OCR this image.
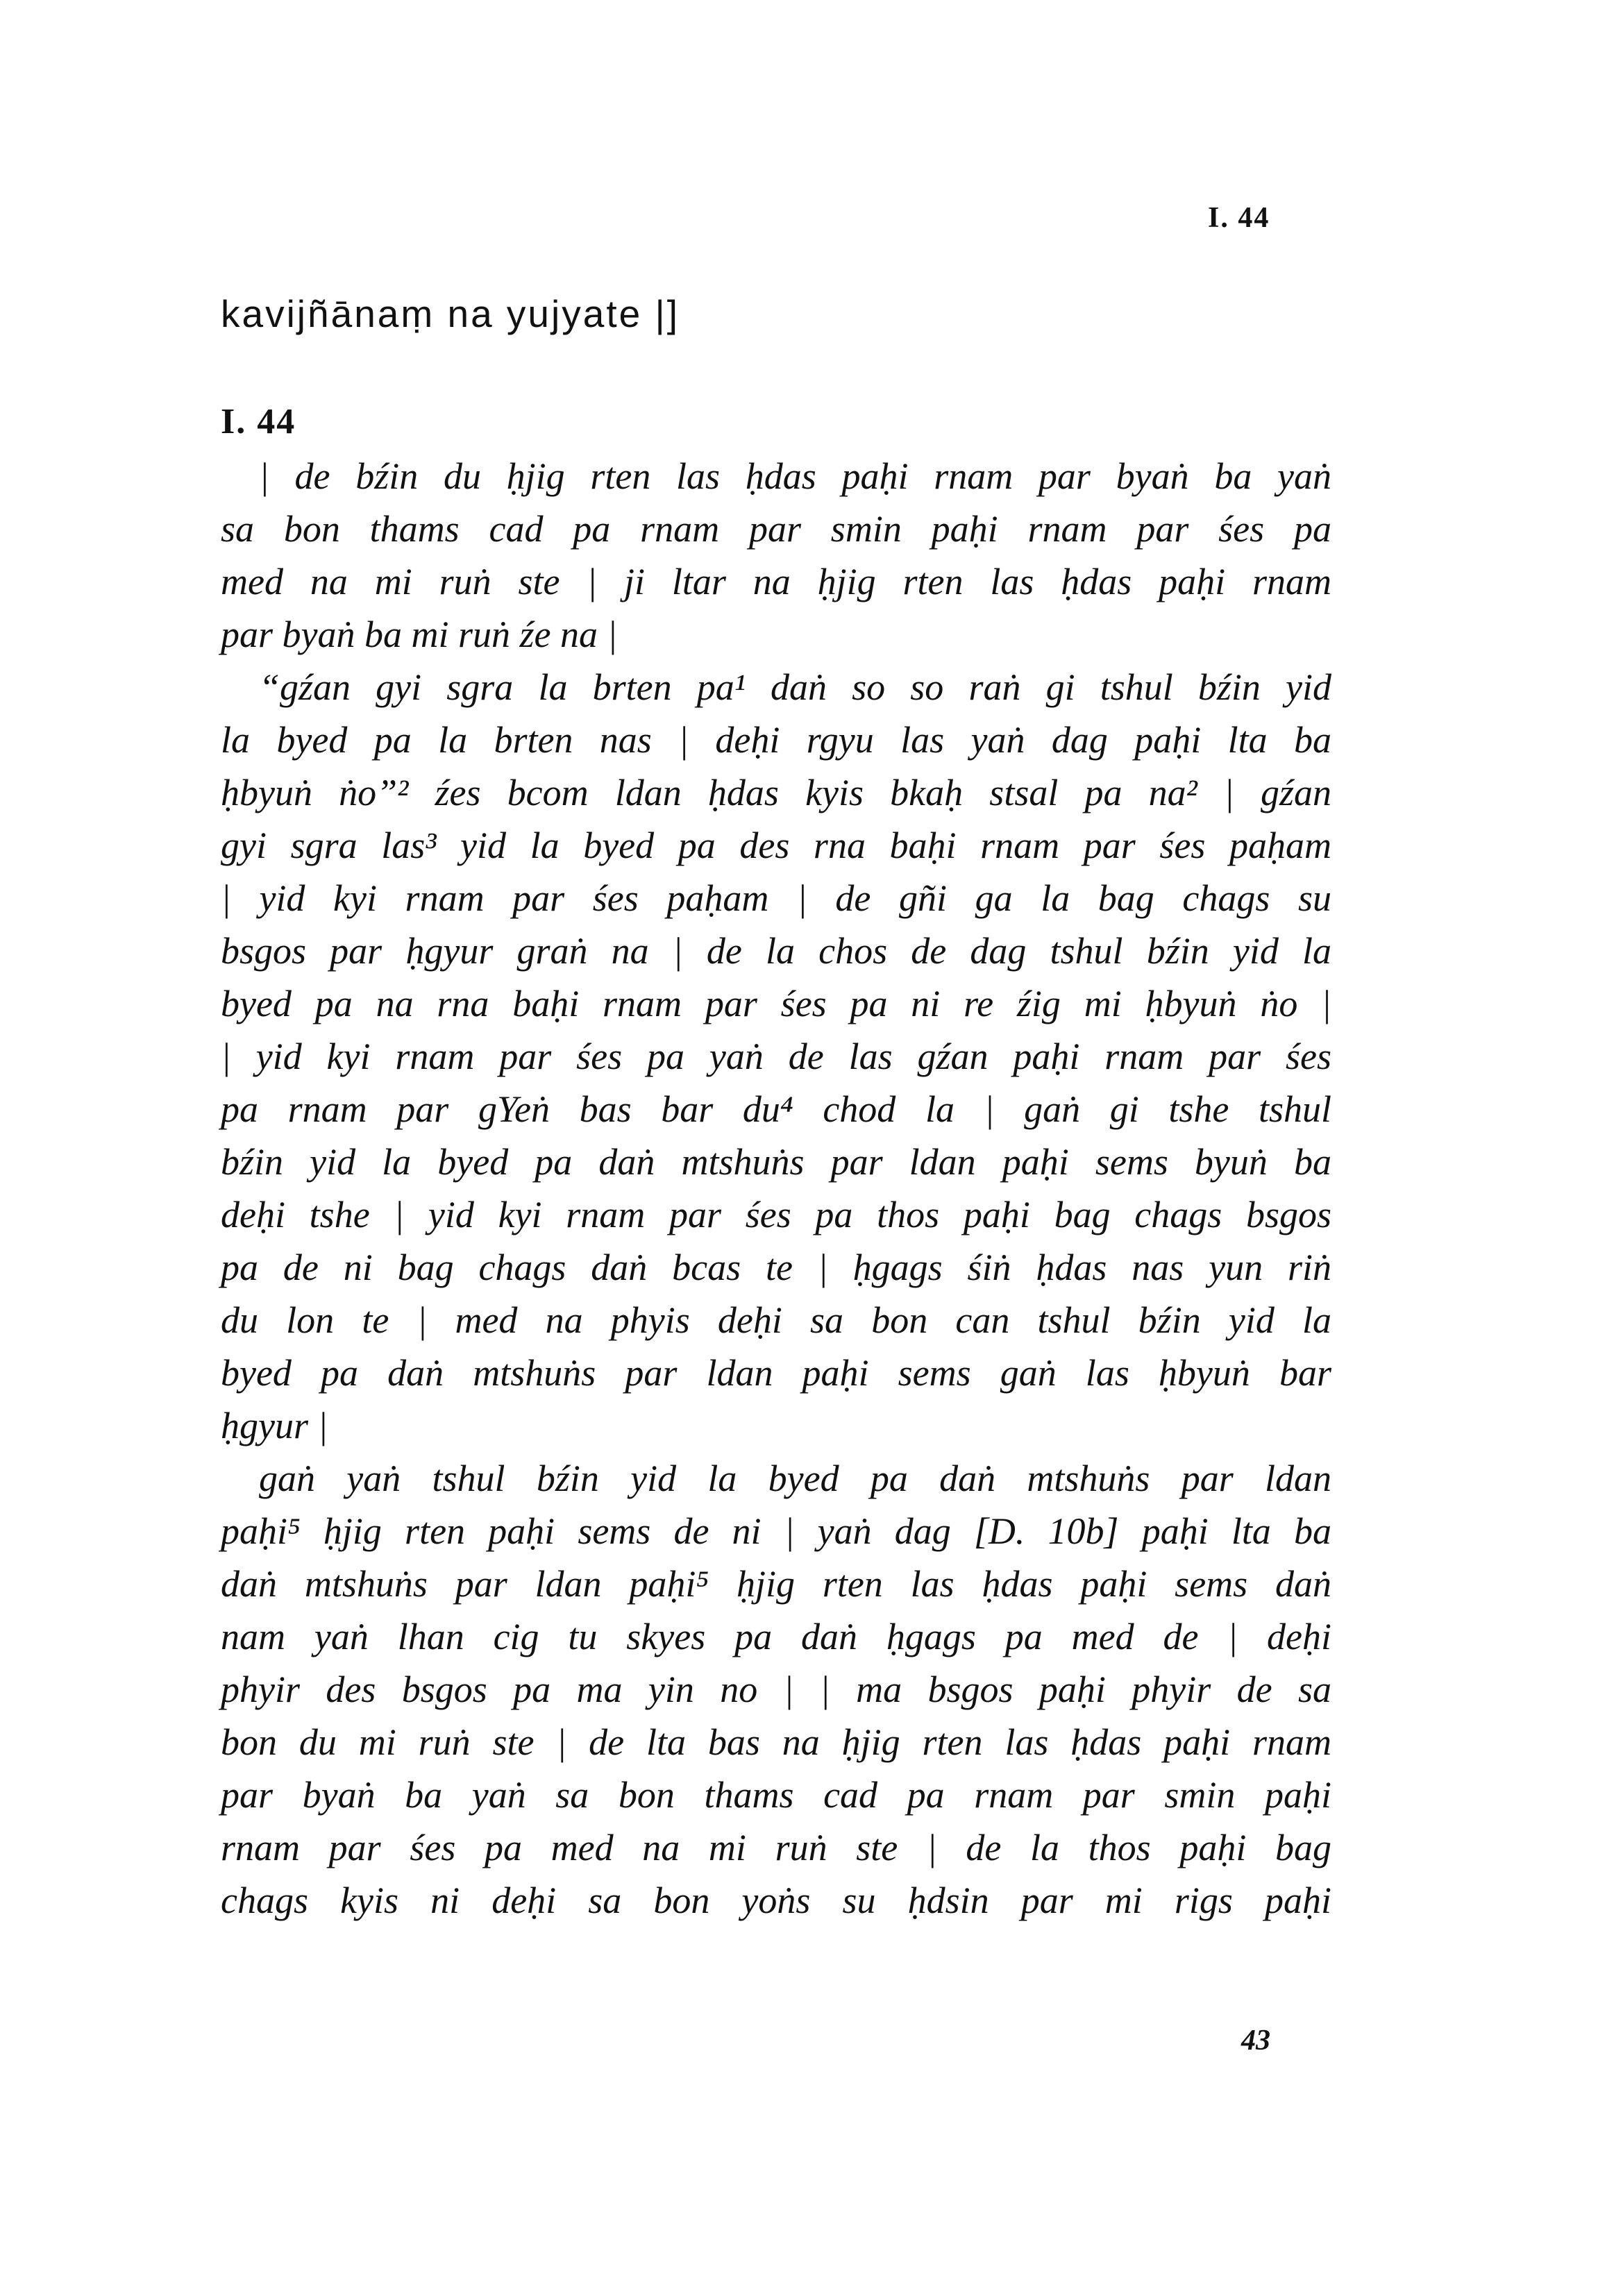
I. 44
kavijñānaṃ na yujyate |]
I. 44
| de bźin du ḥjig rten las ḥdas paḥi rnam par byaṅ ba yaṅ
sa bon thams cad pa rnam par smin paḥi rnam par śes pa
med na mi ruṅ ste | ji ltar na ḥjig rten las ḥdas paḥi rnam
par byaṅ ba mi ruṅ źe na |
“gźan gyi sgra la brten pa¹ daṅ so so raṅ gi tshul bźin yid
la byed pa la brten nas | deḥi rgyu las yaṅ dag paḥi lta ba
ḥbyuṅ ṅo”² źes bcom ldan ḥdas kyis bkaḥ stsal pa na² | gźan
gyi sgra las³ yid la byed pa des rna baḥi rnam par śes paḥam
| yid kyi rnam par śes paḥam | de gñi ga la bag chags su
bsgos par ḥgyur graṅ na | de la chos de dag tshul bźin yid la
byed pa na rna baḥi rnam par śes pa ni re źig mi ḥbyuṅ ṅo |
| yid kyi rnam par śes pa yaṅ de las gźan paḥi rnam par śes
pa rnam par gYeṅ bas bar du⁴ chod la | gaṅ gi tshe tshul
bźin yid la byed pa daṅ mtshuṅs par ldan paḥi sems byuṅ ba
deḥi tshe | yid kyi rnam par śes pa thos paḥi bag chags bsgos
pa de ni bag chags daṅ bcas te | ḥgags śiṅ ḥdas nas yun riṅ
du lon te | med na phyis deḥi sa bon can tshul bźin yid la
byed pa daṅ mtshuṅs par ldan paḥi sems gaṅ las ḥbyuṅ bar
ḥgyur |
gaṅ yaṅ tshul bźin yid la byed pa daṅ mtshuṅs par ldan
paḥi⁵ ḥjig rten paḥi sems de ni | yaṅ dag [D. 10b] paḥi lta ba
daṅ mtshuṅs par ldan paḥi⁵ ḥjig rten las ḥdas paḥi sems daṅ
nam yaṅ lhan cig tu skyes pa daṅ ḥgags pa med de | deḥi
phyir des bsgos pa ma yin no | | ma bsgos paḥi phyir de sa
bon du mi ruṅ ste | de lta bas na ḥjig rten las ḥdas paḥi rnam
par byaṅ ba yaṅ sa bon thams cad pa rnam par smin paḥi
rnam par śes pa med na mi ruṅ ste | de la thos paḥi bag
chags kyis ni deḥi sa bon yoṅs su ḥdsin par mi rigs paḥi
43
